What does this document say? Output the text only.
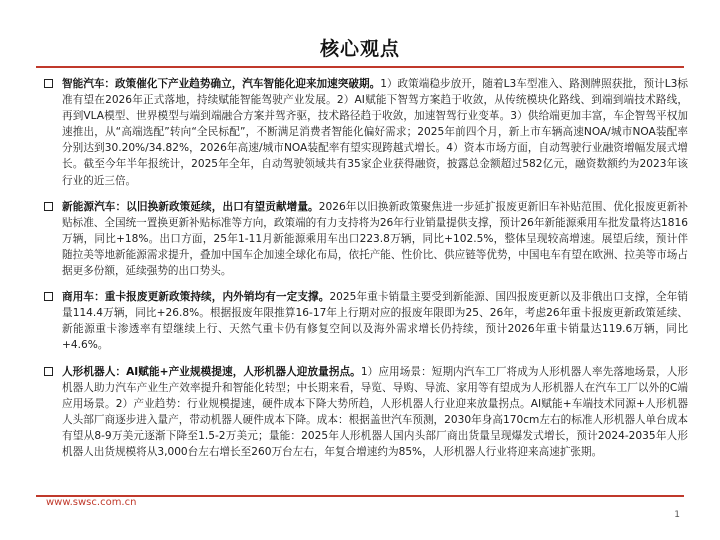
核心观点

智能汽车：政策催化下产业趋势确立，汽车智能化迎来加速突破期。1）政策端稳步放开，随着L3车型准入、路测牌照获批，预计L3标准有望在2026年正式落地，持续赋能智能驾驶产业发展。2）AI赋能下智驾方案趋于收敛，从传统模块化路线、到端到端技术路线，再到VLA模型、世界模型与端到端融合方案并驾齐驱，技术路径趋于收敛，加速智驾行业变革。3）供给端更加丰富，车企智驾平权加速推出，从“高端选配”转向“全民标配”，不断满足消费者智能化偏好需求；2025年前四个月，新上市车辆高速NOA/城市NOA装配率分别达到30.20%/34.82%，2026年高速/城市NOA装配率有望实现跨越式增长。4）资本市场方面，自动驾驶行业融资增幅发展式增长。截至今年半年报统计，2025年全年，自动驾驶领域共有35家企业获得融资，披露总金额超过582亿元，融资数额约为2023年该行业的近三倍。

新能源汽车：以旧换新政策延续，出口有望贡献增量。2026年以旧换新政策聚焦进一步延扩报废更新旧车补贴范围、优化报废更新补贴标准、全国统一置换更新补贴标准等方向，政策端的有力支持将为26年行业销量提供支撑，预计26年新能源乘用车批发量将达1816万辆，同比+18%。出口方面，25年1-11月新能源乘用车出口223.8万辆，同比+102.5%，整体呈现较高增速。展望后续，预计伴随拉美等地新能源需求提升，叠加中国车企加速全球化布局，依托产能、性价比、供应链等优势，中国电车有望在欧洲、拉美等市场占据更多份额，延续强势的出口势头。

商用车：重卡报废更新政策持续，内外销均有一定支撑。2025年重卡销量主要受到新能源、国四报废更新以及非俄出口支撑，全年销量114.4万辆，同比+26.8%。根据报废年限推算16-17年上行期对应的报废年限即为25、26年，考虑26年重卡报废更新政策延续、新能源重卡渗透率有望继续上行、天然气重卡仍有修复空间以及海外需求增长仍持续，预计2026年重卡销量达119.6万辆，同比+4.6%。

人形机器人：AI赋能+产业规模提速，人形机器人迎放量拐点。1）应用场景：短期内汽车工厂将成为人形机器人率先落地场景，人形机器人助力汽车产业生产效率提升和智能化转型；中长期来看，导览、导购、导流、家用等有望成为人形机器人在汽车工厂以外的C端应用场景。2）产业趋势：行业规模提速，硬件成本下降大势所趋，人形机器人行业迎来放量拐点。AI赋能+车端技术同源+人形机器人头部厂商逐步进入量产，带动机器人硬件成本下降。成本：根据盖世汽车预测，2030年身高170cm左右的标准人形机器人单台成本有望从8-9万美元逐渐下降至1.5-2万美元；量能：2025年人形机器人国内头部厂商出货量呈现爆发式增长，预计2024-2035年人形机器人出货规模将从3,000台左右增长至260万台左右，年复合增速约为85%，人形机器人行业将迎来高速扩张期。

www.swsc.com.cn
1
